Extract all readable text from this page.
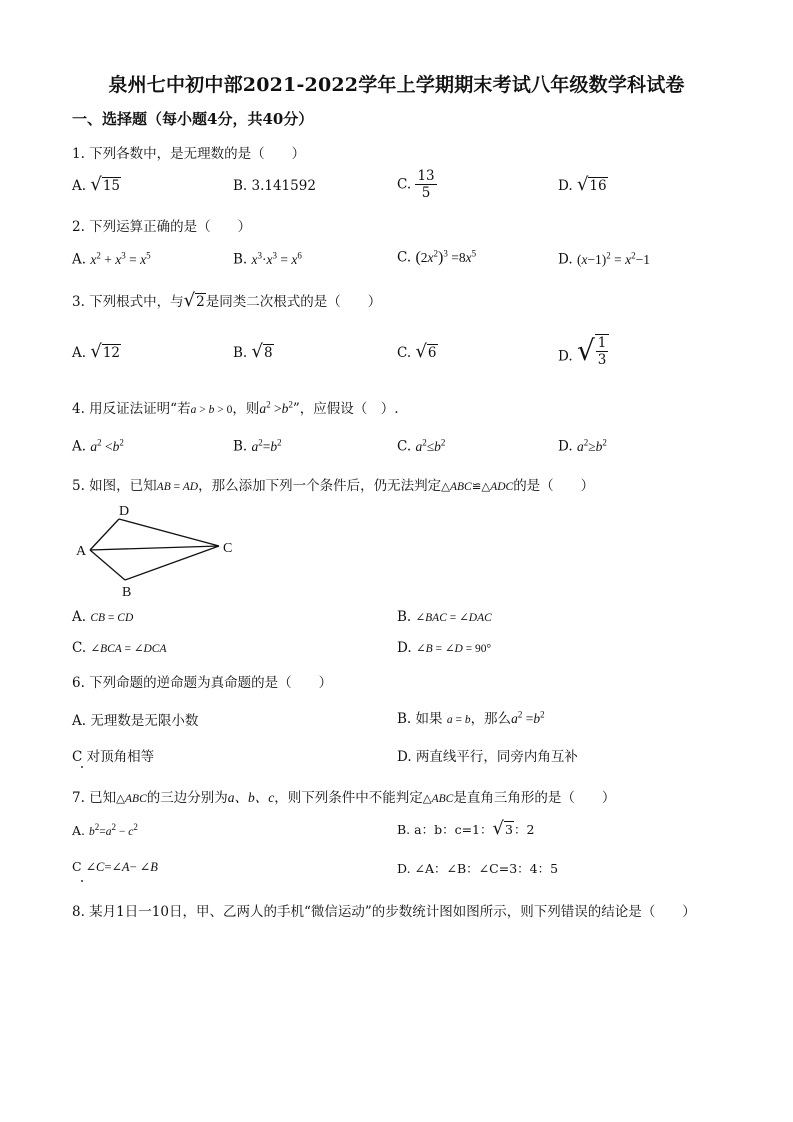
泉州七中初中部2021-2022学年上学期期末考试八年级数学科试卷
一、选择题（每小题4分，共40分）
1. 下列各数中，是无理数的是（　　）
A. √ 15	B. 3.141592	C. $\frac{13}{5}$	D. √ 16
2. 下列运算正确的是（　　）
A. $x^2 + x^3 = x^5$	B. $x^3\cdot x^3 = x^6$	C. $(2x^2)^3 =8x^5$	D. $(x-1)^2 = x^2-1$
3. 下列根式中，与 √ 2 是同类二次根式的是（　　）
A. √ 12	B. √ 8	C. √ 6	D. √ $\frac{1}{3}$
4. 用反证法证明“若a > b > 0，则$a^2 >b^2$”，应假设（　）.
A. $a^2 <b^2$	B. $a^2=b^2$	C. $a^2\le b^2$	D. $a^2\ge b^2$
5. 如图，已知AB = AD，那么添加下列一个条件后，仍无法判定△ABC≌△ADC的是（　　）
A
D
C
B
A. CB = CD	B. ∠BAC = ∠DAC
C. ∠BCA = ∠DCA	D. ∠B = ∠D = 90°
6. 下列命题的逆命题为真命题的是（　　）
A. 无理数是无限小数	B. 如果 a = b，那么$a^2 =b^2$
C 对顶角相等	D. 两直线平行，同旁内角互补
7. 已知△ABC的三边分别为a、b、c，则下列条件中不能判定△ABC是直角三角形的是（　　）
A. $b^2=a^2 - c^2$	B. a：b：c=1： √ 3 ：2
C ∠C=∠A− ∠B	D. ∠A：∠B：∠C=3：4：5
8. 某月1日一10日，甲、乙两人的手机“微信运动”的步数统计图如图所示，则下列错误的结论是（　　）
